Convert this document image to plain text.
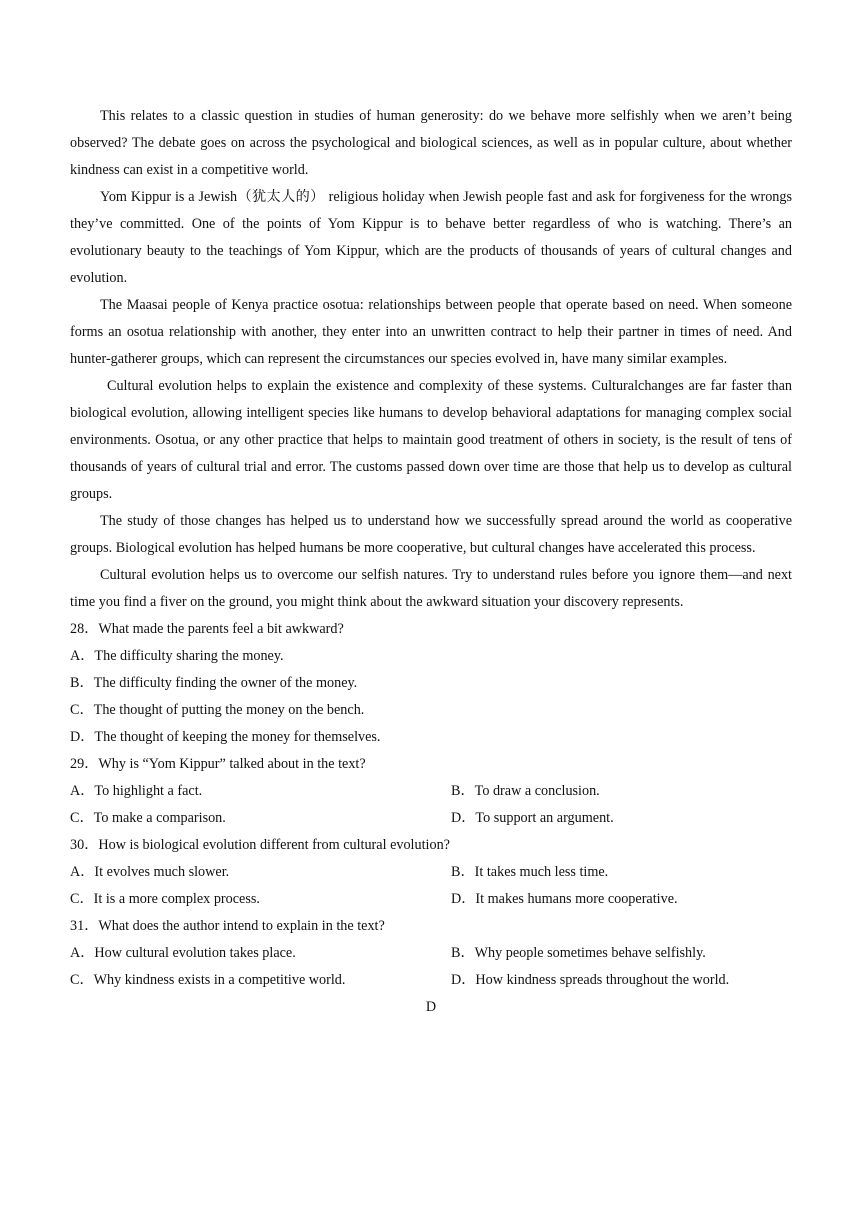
This relates to a classic question in studies of human generosity: do we behave more selfishly when we aren’t being observed? The debate goes on across the psychological and biological sciences, as well as in popular culture, about whether kindness can exist in a competitive world.

Yom Kippur is a Jewish（犹太人的） religious holiday when Jewish people fast and ask for forgiveness for the wrongs they’ve committed. One of the points of Yom Kippur is to behave better regardless of who is watching. There’s an evolutionary beauty to the teachings of Yom Kippur, which are the products of thousands of years of cultural changes and evolution.

The Maasai people of Kenya practice osotua: relationships between people that operate based on need. When someone forms an osotua relationship with another, they enter into an unwritten contract to help their partner in times of need. And hunter-gatherer groups, which can represent the circumstances our species evolved in, have many similar examples.

Cultural evolution helps to explain the existence and complexity of these systems. Culturalchanges are far faster than biological evolution, allowing intelligent species like humans to develop behavioral adaptations for managing complex social environments. Osotua, or any other practice that helps to maintain good treatment of others in society, is the result of tens of thousands of years of cultural trial and error. The customs passed down over time are those that help us to develop as cultural groups.

The study of those changes has helped us to understand how we successfully spread around the world as cooperative groups. Biological evolution has helped humans be more cooperative, but cultural changes have accelerated this process.

Cultural evolution helps us to overcome our selfish natures. Try to understand rules before you ignore them—and next time you find a fiver on the ground, you might think about the awkward situation your discovery represents.

28．What made the parents feel a bit awkward?

A．The difficulty sharing the money.

B．The difficulty finding the owner of the money.

C．The thought of putting the money on the bench.

D．The thought of keeping the money for themselves.

29．Why is “Yom Kippur” talked about in the text?

A．To highlight a fact.	B．To draw a conclusion.
C．To make a comparison.	D．To support an argument.

30．How is biological evolution different from cultural evolution?

A．It evolves much slower.	B．It takes much less time.
C．It is a more complex process.	D．It makes humans more cooperative.

31．What does the author intend to explain in the text?

A．How cultural evolution takes place.	B．Why people sometimes behave selfishly.
C．Why kindness exists in a competitive world.	D．How kindness spreads throughout the world.

D
